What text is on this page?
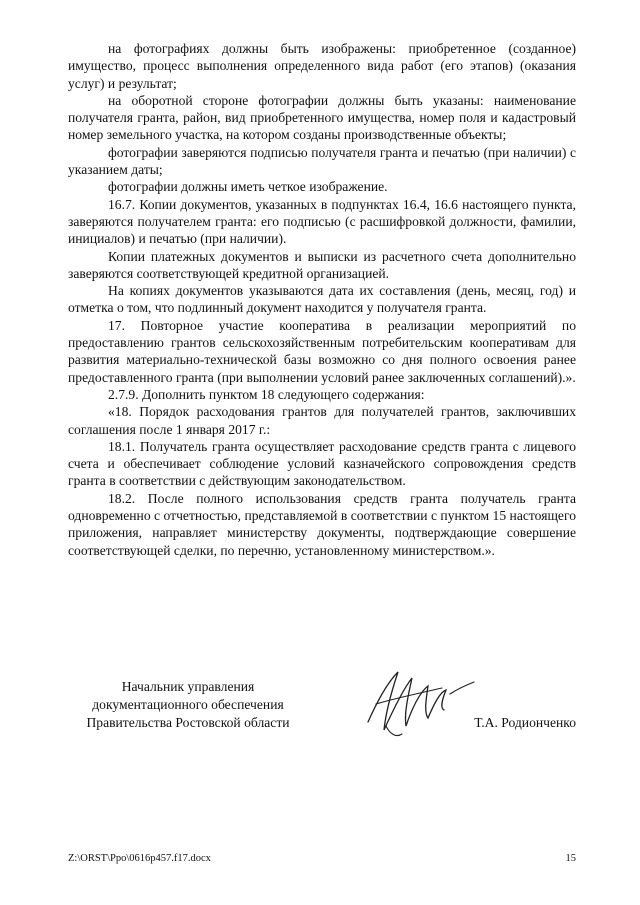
на фотографиях должны быть изображены: приобретенное (созданное) имущество, процесс выполнения определенного вида работ (его этапов) (оказания услуг) и результат;

на оборотной стороне фотографии должны быть указаны: наименование получателя гранта, район, вид приобретенного имущества, номер поля и кадастровый номер земельного участка, на котором созданы производственные объекты;

фотографии заверяются подписью получателя гранта и печатью (при наличии) с указанием даты;

фотографии должны иметь четкое изображение.

16.7. Копии документов, указанных в подпунктах 16.4, 16.6 настоящего пункта, заверяются получателем гранта: его подписью (с расшифровкой должности, фамилии, инициалов) и печатью (при наличии).

Копии платежных документов и выписки из расчетного счета дополнительно заверяются соответствующей кредитной организацией.

На копиях документов указываются дата их составления (день, месяц, год) и отметка о том, что подлинный документ находится у получателя гранта.

17. Повторное участие кооператива в реализации мероприятий по предоставлению грантов сельскохозяйственным потребительским кооперативам для развития материально-технической базы возможно со дня полного освоения ранее предоставленного гранта (при выполнении условий ранее заключенных соглашений).».

2.7.9. Дополнить пунктом 18 следующего содержания:

«18. Порядок расходования грантов для получателей грантов, заключивших соглашения после 1 января 2017 г.:

18.1. Получатель гранта осуществляет расходование средств гранта с лицевого счета и обеспечивает соблюдение условий казначейского сопровождения средств гранта в соответствии с действующим законодательством.

18.2. После полного использования средств гранта получатель гранта одновременно с отчетностью, представляемой в соответствии с пунктом 15 настоящего приложения, направляет министерству документы, подтверждающие совершение соответствующей сделки, по перечню, установленному министерством.».

Начальник управления
документационного обеспечения
Правительства Ростовской области	Т.А. Родионченко
Z:\ORST\Ppo\0616p457.f17.docx	15
